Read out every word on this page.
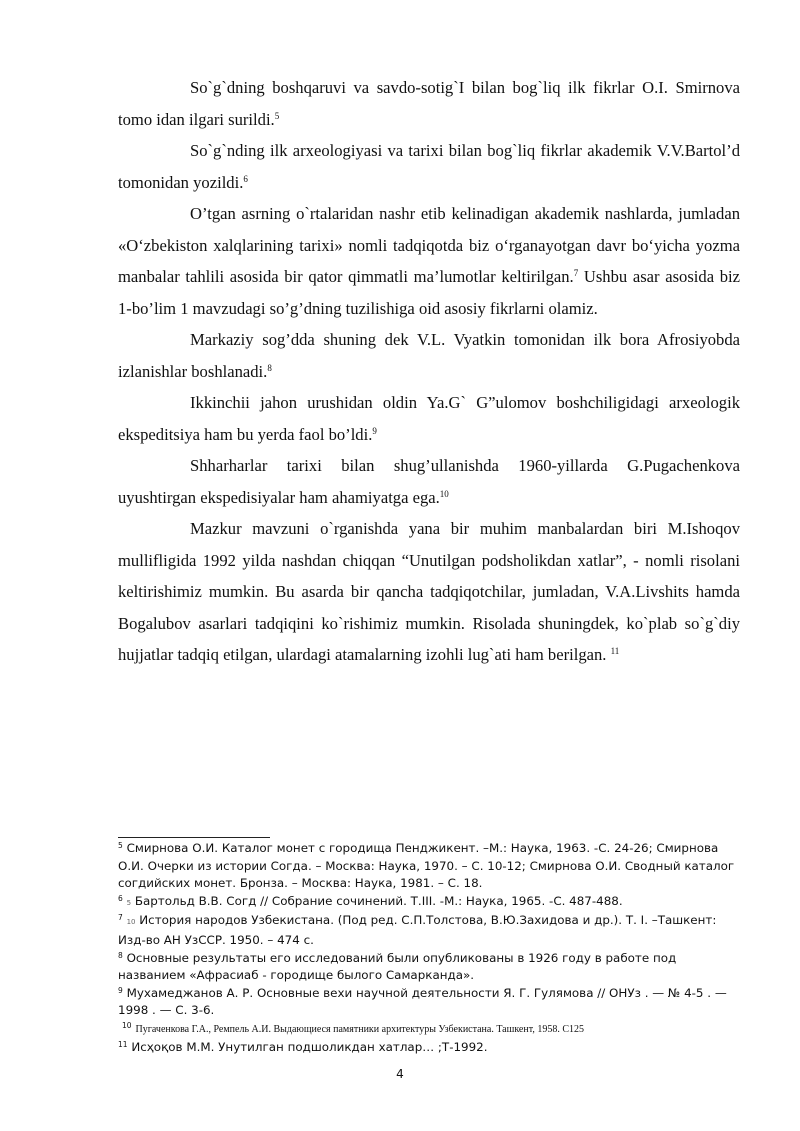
So`g`dning boshqaruvi va savdo-sotig`I bilan bog`liq ilk fikrlar O.I. Smirnova tomo idan ilgari surildi.$^5$

So`g`nding ilk arxeologiyasi va tarixi bilan bog`liq fikrlar akademik V.V.Bartol’d tomonidan yozildi.$^6$

O’tgan asrning o`rtalaridan nashr etib kelinadigan akademik nashlarda, jumladan «O‘zbekiston xalqlarining tarixi» nomli tadqiqotda biz o‘rganayotgan davr bo‘yicha yozma manbalar tahlili asosida bir qator qimmatli ma’lumotlar keltirilgan.$^7$ Ushbu asar asosida biz 1-bo’lim 1 mavzudagi so’g’dning tuzilishiga oid asosiy fikrlarni olamiz.

Markaziy sog’dda shuning dek V.L. Vyatkin tomonidan ilk bora Afrosiyobda izlanishlar boshlanadi.$^8$

Ikkinchii jahon urushidan oldin Ya.G` G”ulomov boshchiligidagi arxeologik ekspeditsiya ham bu yerda faol bo’ldi.$^9$

Shharharlar tarixi bilan shug’ullanishda 1960-yillarda G.Pugachenkova uyushtirgan ekspedisiyalar ham ahamiyatga ega.$^{10}$

Mazkur mavzuni o`rganishda yana bir muhim manbalardan biri M.Ishoqov mullifligida 1992 yilda nashdan chiqqan “Unutilgan podsholikdan xatlar”, - nomli risolani keltirishimiz mumkin. Bu asarda bir qancha tadqiqotchilar, jumladan, V.A.Livshits hamda Bogalubov asarlari tadqiqini ko`rishimiz mumkin. Risolada shuningdek, ko`plab so`g`diy hujjatlar tadqiq etilgan, ulardagi atamalarning izohli lug`ati ham berilgan. $^{11}$

$^5$ Смирнова О.И. Каталог монет с городища Пенджикент. –М.: Наука, 1963. -С. 24-26; Смирнова О.И. Очерки из истории Согда. – Москва: Наука, 1970. – С. 10-12; Смирнова О.И. Сводный каталог согдийских монет. Бронза. – Москва: Наука, 1981. – С. 18.

$^6$ 5 Бартольд В.В. Согд // Собрание сочинений. Т.III. -М.: Наука, 1965. -С. 487-488.

$^7$ 10 История народов Узбекистана. (Под ред. С.П.Толстова, В.Ю.Захидова и др.). Т. I. –Ташкент: Изд-во АН УзССР. 1950. – 474 с.

$^8$ Основные результаты его исследований были опубликованы в 1926 году в работе под названием «Афрасиаб - городище былого Самарканда».

$^9$ Мухамеджанов А. Р. Основные вехи научной деятельности Я. Г. Гулямова // ОНУз . — № 4-5 . — 1998 . — С. 3-6.

$^{10}$ Пугаченкова Г.А., Ремпель А.И. Выдающиеся памятники архитектуры Узбекистана. Ташкент, 1958. С125

$^{11}$ Исҳоқов М.М. Унутилган подшоликдан хатлар… ;Т-1992.

4
